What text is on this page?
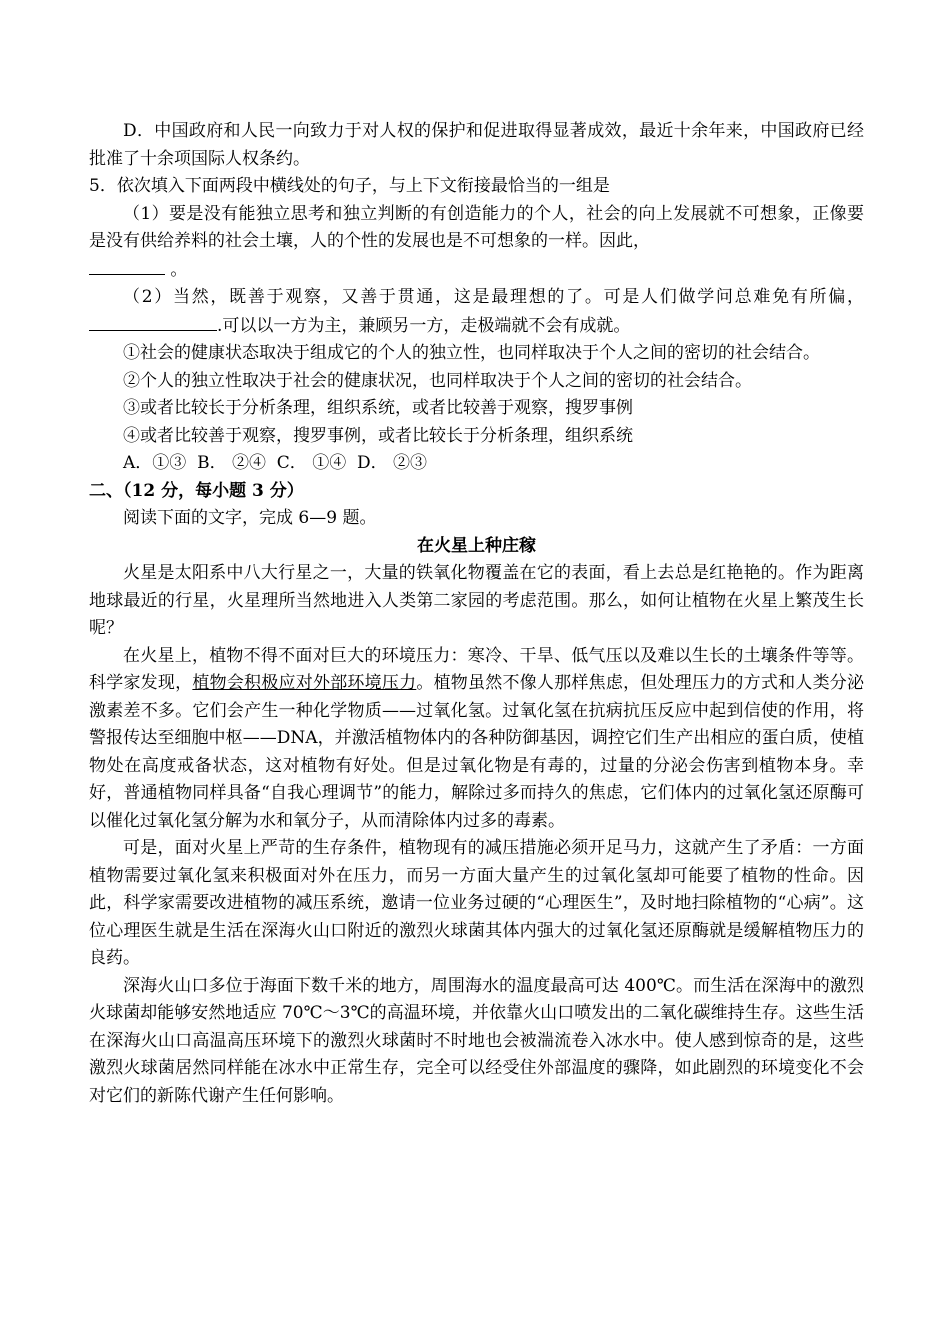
D．中国政府和人民一向致力于对人权的保护和促进取得显著成效，最近十余年来，中国政府已经批准了十余项国际人权条约。

5．依次填入下面两段中横线处的句子，与上下文衔接最恰当的一组是

（1）要是没有能独立思考和独立判断的有创造能力的个人，社会的向上发展就不可想象，正像要是没有供给养料的社会土壤，人的个性的发展也是不可想象的一样。因此，
。

（2）当然，既善于观察，又善于贯通，这是最理想的了。可是人们做学问总难免有所偏，.可以以一方为主，兼顾另一方，走极端就不会有成就。

①社会的健康状态取决于组成它的个人的独立性，也同样取决于个人之间的密切的社会结合。

②个人的独立性取决于社会的健康状况，也同样取决于个人之间的密切的社会结合。

③或者比较长于分析条理，组织系统，或者比较善于观察，搜罗事例

④或者比较善于观察，搜罗事例，或者比较长于分析条理，组织系统

A．①③  B． ②④  C． ①④  D． ②③

二、（12 分，每小题 3 分）

阅读下面的文字，完成 6—9 题。

在火星上种庄稼

火星是太阳系中八大行星之一，大量的铁氧化物覆盖在它的表面，看上去总是红艳艳的。作为距离地球最近的行星，火星理所当然地进入人类第二家园的考虑范围。那么，如何让植物在火星上繁茂生长呢？

在火星上，植物不得不面对巨大的环境压力：寒冷、干旱、低气压以及难以生长的土壤条件等等。科学家发现，植物会积极应对外部环境压力。植物虽然不像人那样焦虑，但处理压力的方式和人类分泌激素差不多。它们会产生一种化学物质——过氧化氢。过氧化氢在抗病抗压反应中起到信使的作用，将警报传达至细胞中枢——DNA，并激活植物体内的各种防御基因，调控它们生产出相应的蛋白质，使植物处在高度戒备状态，这对植物有好处。但是过氧化物是有毒的，过量的分泌会伤害到植物本身。幸好，普通植物同样具备“自我心理调节”的能力，解除过多而持久的焦虑，它们体内的过氧化氢还原酶可以催化过氧化氢分解为水和氧分子，从而清除体内过多的毒素。

可是，面对火星上严苛的生存条件，植物现有的减压措施必须开足马力，这就产生了矛盾：一方面植物需要过氧化氢来积极面对外在压力，而另一方面大量产生的过氧化氢却可能要了植物的性命。因此，科学家需要改进植物的减压系统，邀请一位业务过硬的“心理医生”，及时地扫除植物的“心病”。这位心理医生就是生活在深海火山口附近的激烈火球菌其体内强大的过氧化氢还原酶就是缓解植物压力的良药。

深海火山口多位于海面下数千米的地方，周围海水的温度最高可达 400℃。而生活在深海中的激烈火球菌却能够安然地适应 70℃～3℃的高温环境，并依靠火山口喷发出的二氧化碳维持生存。这些生活在深海火山口高温高压环境下的激烈火球菌时不时地也会被湍流卷入冰水中。使人感到惊奇的是，这些激烈火球菌居然同样能在冰水中正常生存，完全可以经受住外部温度的骤降，如此剧烈的环境变化不会对它们的新陈代谢产生任何影响。
